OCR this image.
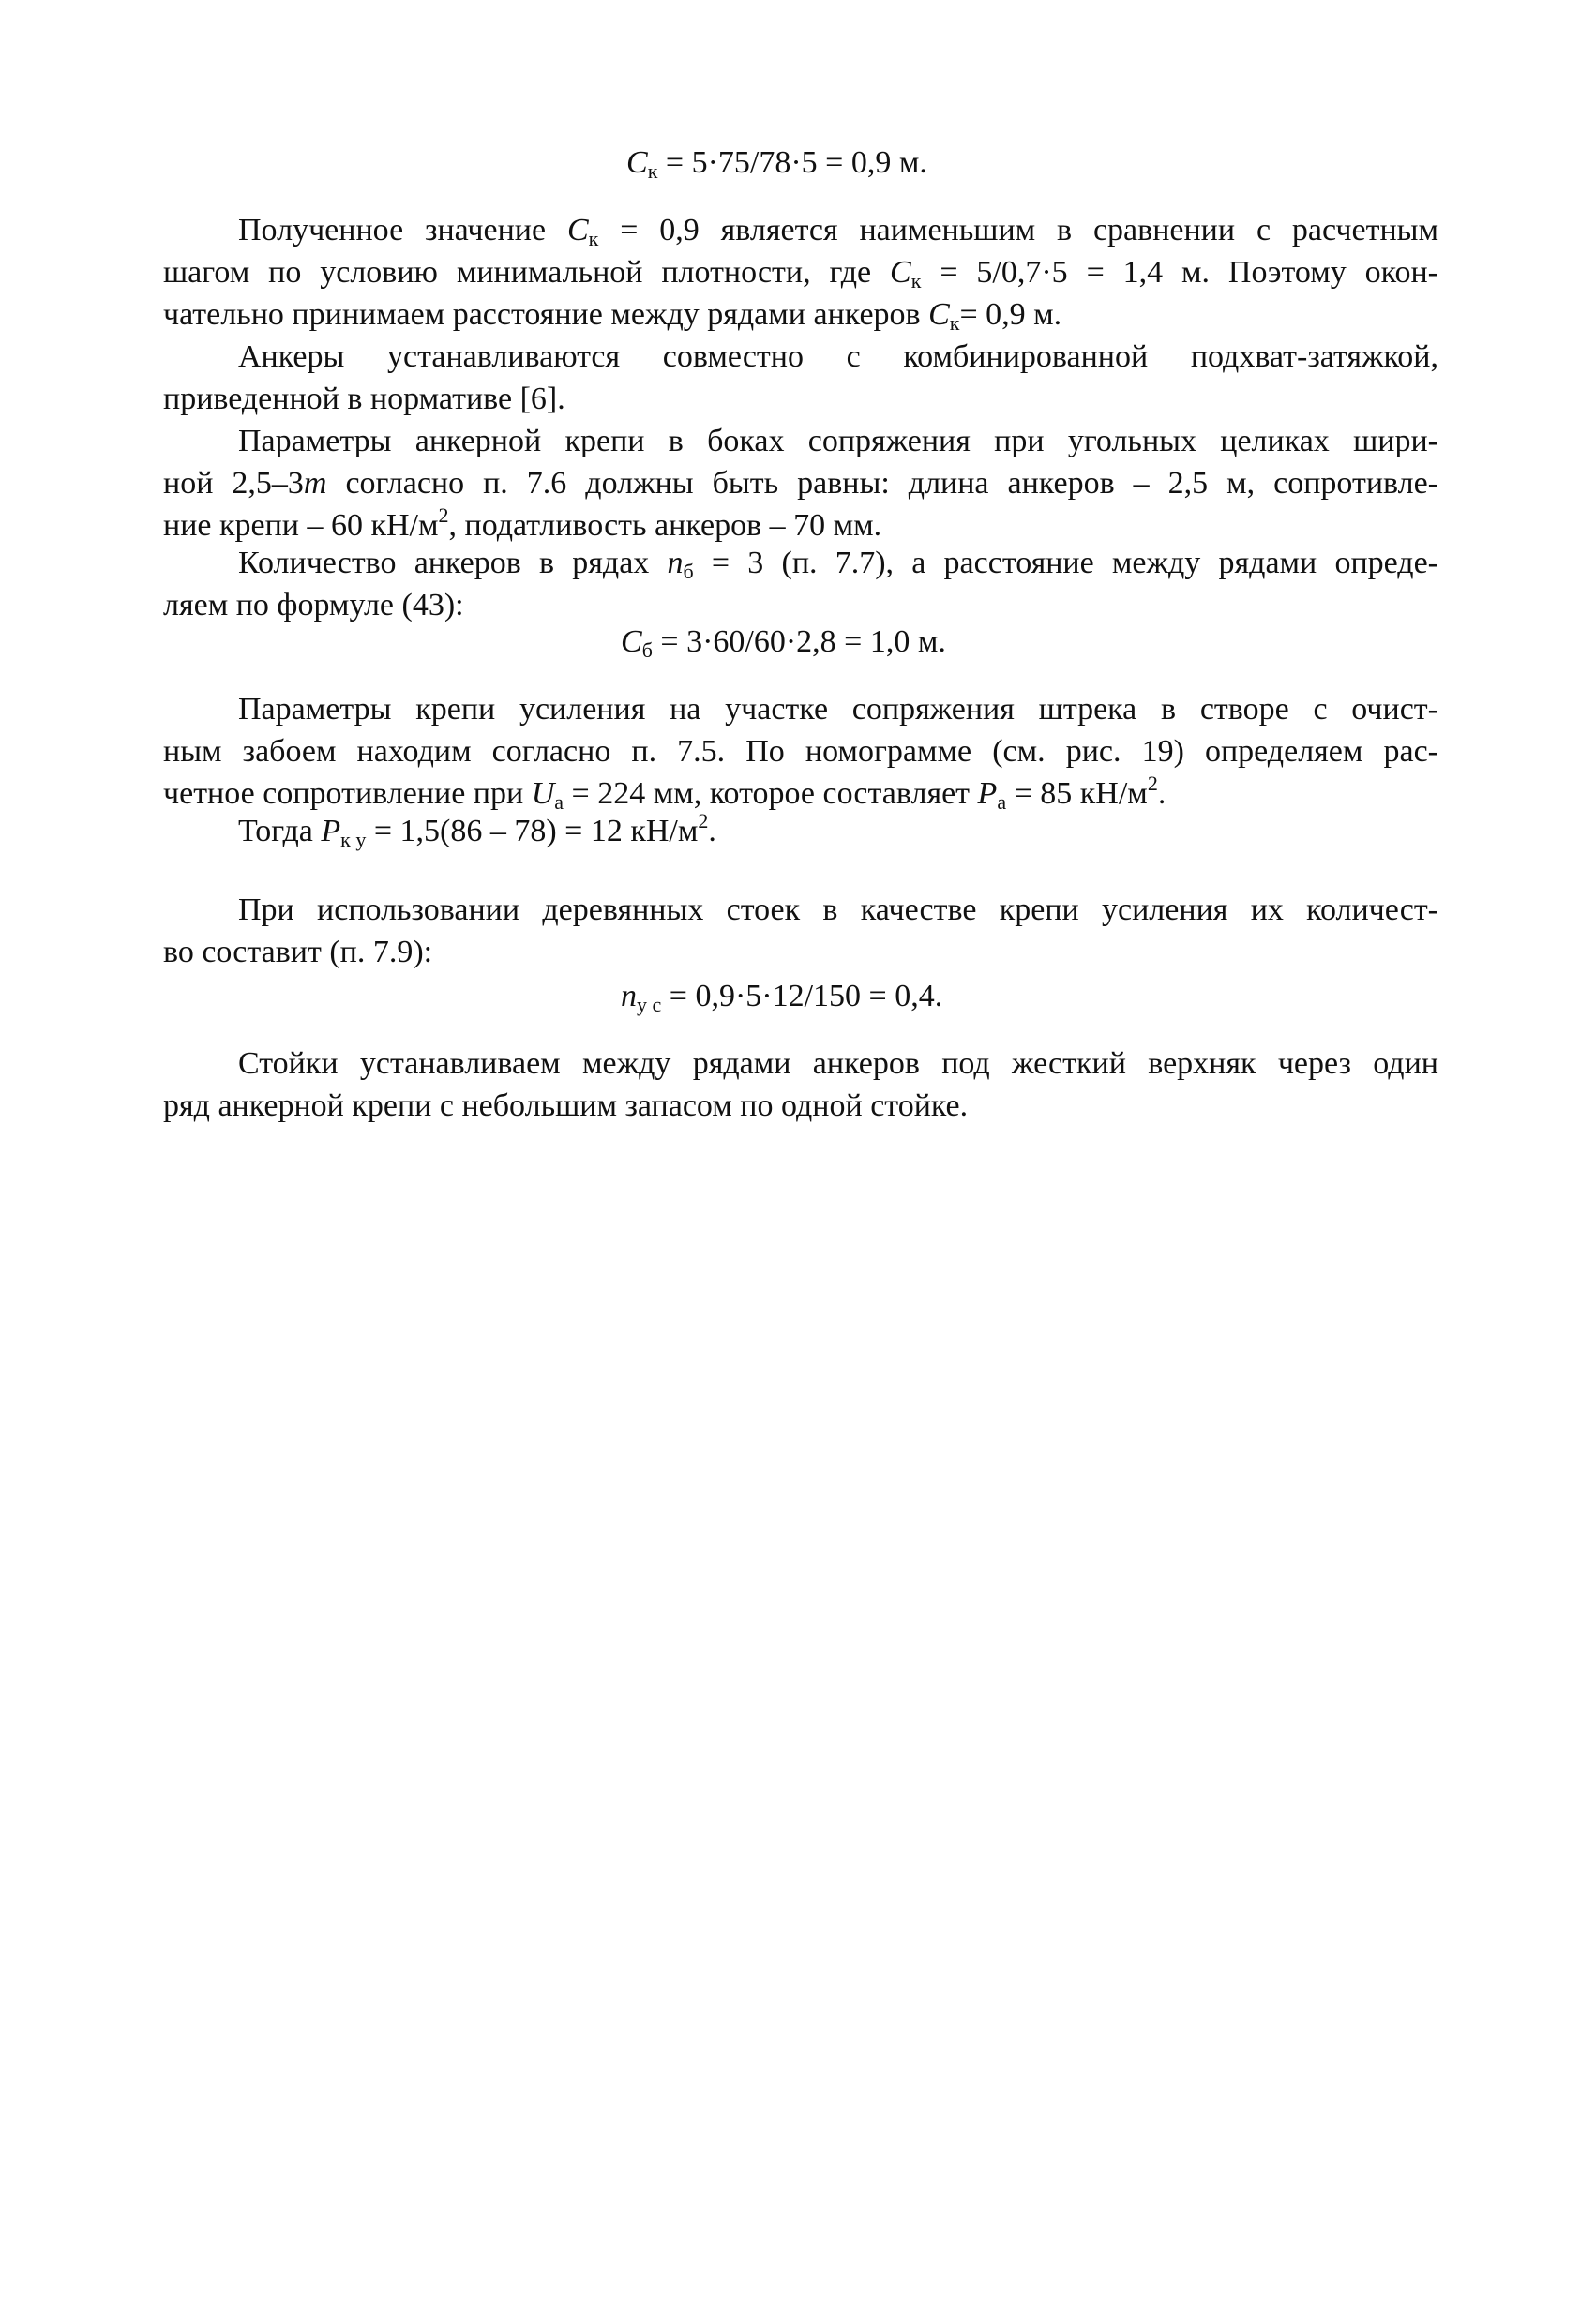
$C_к = 5\cdot 75/78\cdot 5 = 0,9$ м.
Полученное значение $C_к = 0,9$ является наименьшим в сравнении с расчетным
шагом по условию минимальной плотности, где $C_к = 5/0,7\cdot 5 = 1,4$ м. Поэтому окон-
чательно принимаем расстояние между рядами анкеров $C_к= 0,9$ м.
Анкеры устанавливаются совместно с комбинированной подхват-затяжкой,
приведенной в нормативе [6].
Параметры анкерной крепи в боках сопряжения при угольных целиках шири-
ной 2,5–3m согласно п. 7.6 должны быть равны: длина анкеров – 2,5 м, сопротивле-
ние крепи – 60 $кН/м^2$, податливость анкеров – 70 мм.
Количество анкеров в рядах $n_б = 3$ (п. 7.7), а расстояние между рядами опреде-
ляем по формуле (43):
$C_б = 3\cdot 60/60\cdot 2,8 = 1,0$ м.
Параметры крепи усиления на участке сопряжения штрека в створе с очист-
ным забоем находим согласно п. 7.5. По номограмме (см. рис. 19) определяем рас-
четное сопротивление при $U_а = 224$ мм, которое составляет $P_а = 85$ $кН/м^2$.
Тогда $P_{к у} = 1,5(86 - 78) = 12$ $кН/м^2$.
При использовании деревянных стоек в качестве крепи усиления их количест-
во составит (п. 7.9):
$n_{у с} = 0,9\cdot 5\cdot 12/150 = 0,4$.
Стойки устанавливаем между рядами анкеров под жесткий верхняк через один
ряд анкерной крепи с небольшим запасом по одной стойке.
